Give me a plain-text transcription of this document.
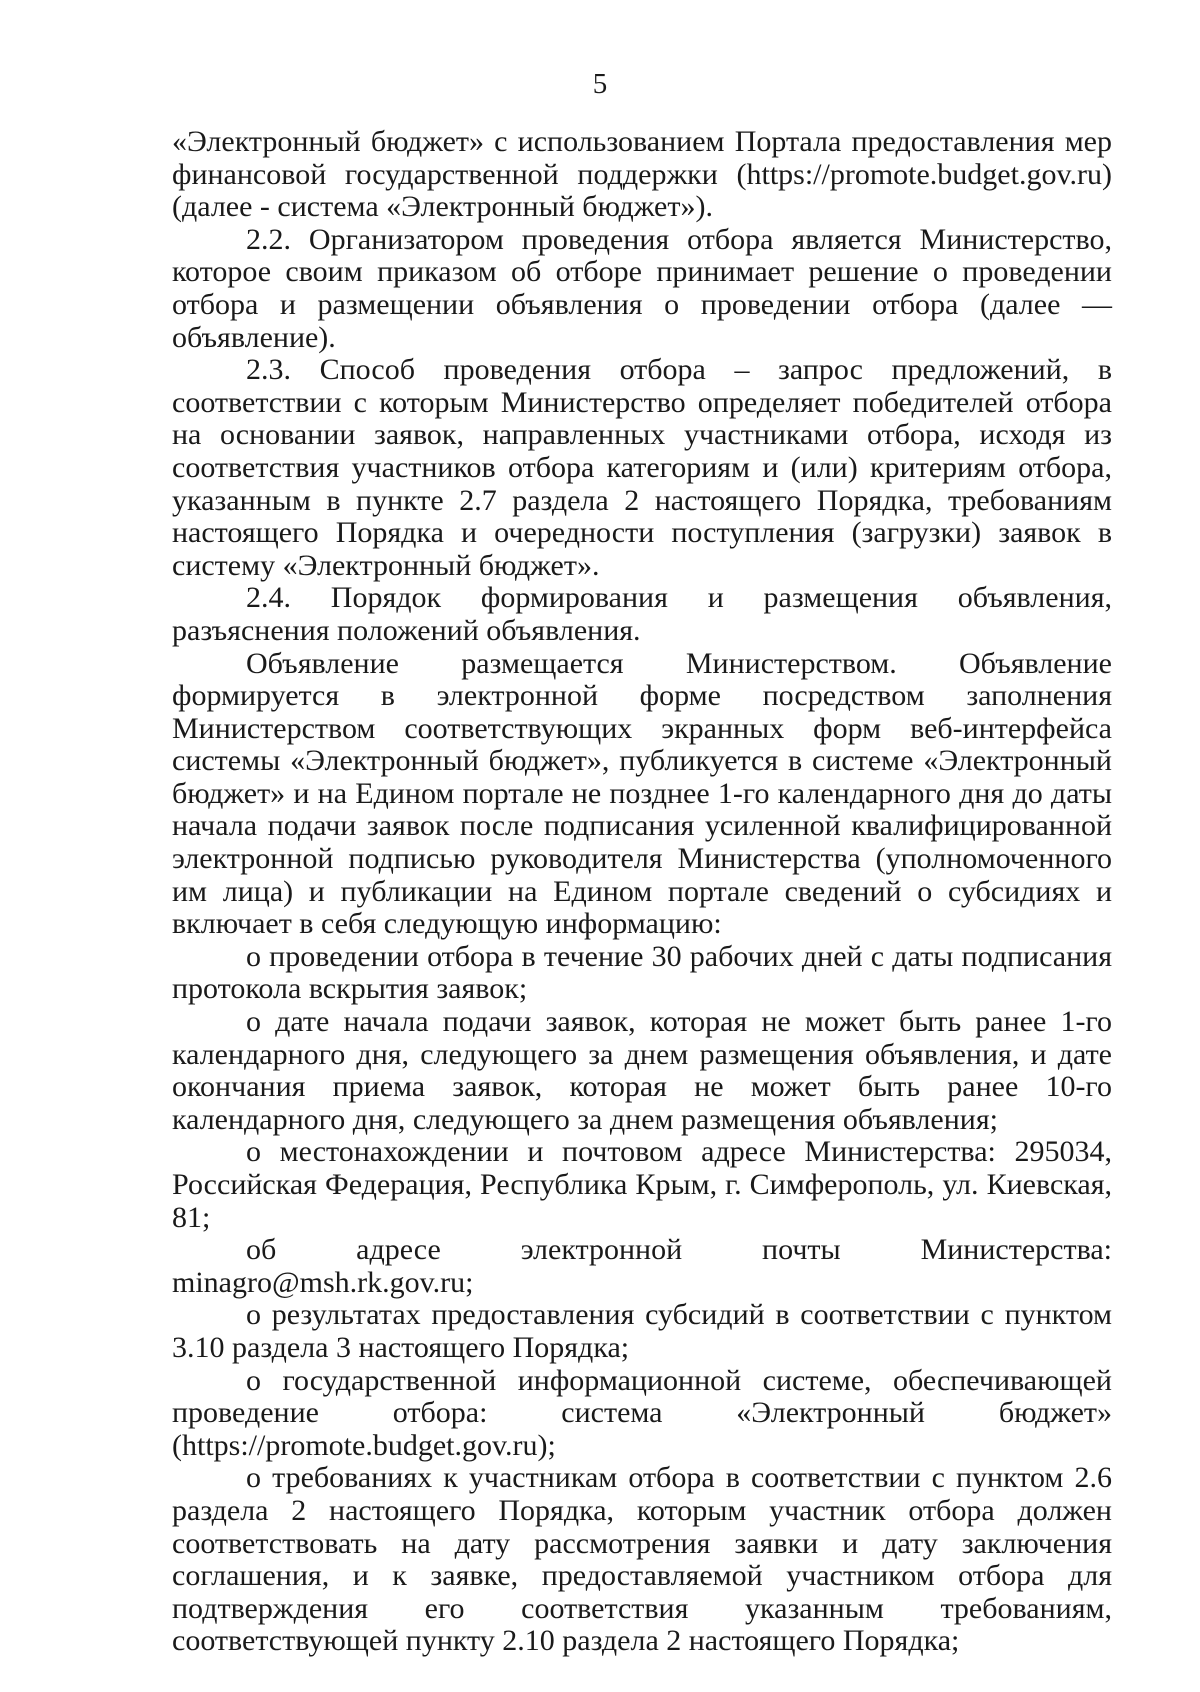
5

«Электронный бюджет» с использованием Портала предоставления мер финансовой государственной поддержки (https://promote.budget.gov.ru) (далее - система «Электронный бюджет»).

2.2. Организатором проведения отбора является Министерство, которое своим приказом об отборе принимает решение о проведении отбора и размещении объявления о проведении отбора (далее — объявление).

2.3. Способ проведения отбора – запрос предложений, в соответствии с которым Министерство определяет победителей отбора на основании заявок, направленных участниками отбора, исходя из соответствия участников отбора категориям и (или) критериям отбора, указанным в пункте 2.7 раздела 2 настоящего Порядка, требованиям настоящего Порядка и очередности поступления (загрузки) заявок в систему «Электронный бюджет».

2.4. Порядок формирования и размещения объявления, разъяснения положений объявления.

Объявление размещается Министерством. Объявление формируется в электронной форме посредством заполнения Министерством соответствующих экранных форм веб-интерфейса системы «Электронный бюджет», публикуется в системе «Электронный бюджет» и на Едином портале не позднее 1-го календарного дня до даты начала подачи заявок после подписания усиленной квалифицированной электронной подписью руководителя Министерства (уполномоченного им лица) и публикации на Едином портале сведений о субсидиях и включает в себя следующую информацию:

о проведении отбора в течение 30 рабочих дней с даты подписания протокола вскрытия заявок;

о дате начала подачи заявок, которая не может быть ранее 1-го календарного дня, следующего за днем размещения объявления, и дате окончания приема заявок, которая не может быть ранее 10-го календарного дня, следующего за днем размещения объявления;

о местонахождении и почтовом адресе Министерства: 295034, Российская Федерация, Республика Крым, г. Симферополь, ул. Киевская, 81;

об адресе электронной почты Министерства: minagro@msh.rk.gov.ru;

о результатах предоставления субсидий в соответствии с пунктом 3.10 раздела 3 настоящего Порядка;

о государственной информационной системе, обеспечивающей проведение отбора: система «Электронный бюджет» (https://promote.budget.gov.ru);

о требованиях к участникам отбора в соответствии с пунктом 2.6 раздела 2 настоящего Порядка, которым участник отбора должен соответствовать на дату рассмотрения заявки и дату заключения соглашения, и к заявке, предоставляемой участником отбора для подтверждения его соответствия указанным требованиям, соответствующей пункту 2.10 раздела 2 настоящего Порядка;
